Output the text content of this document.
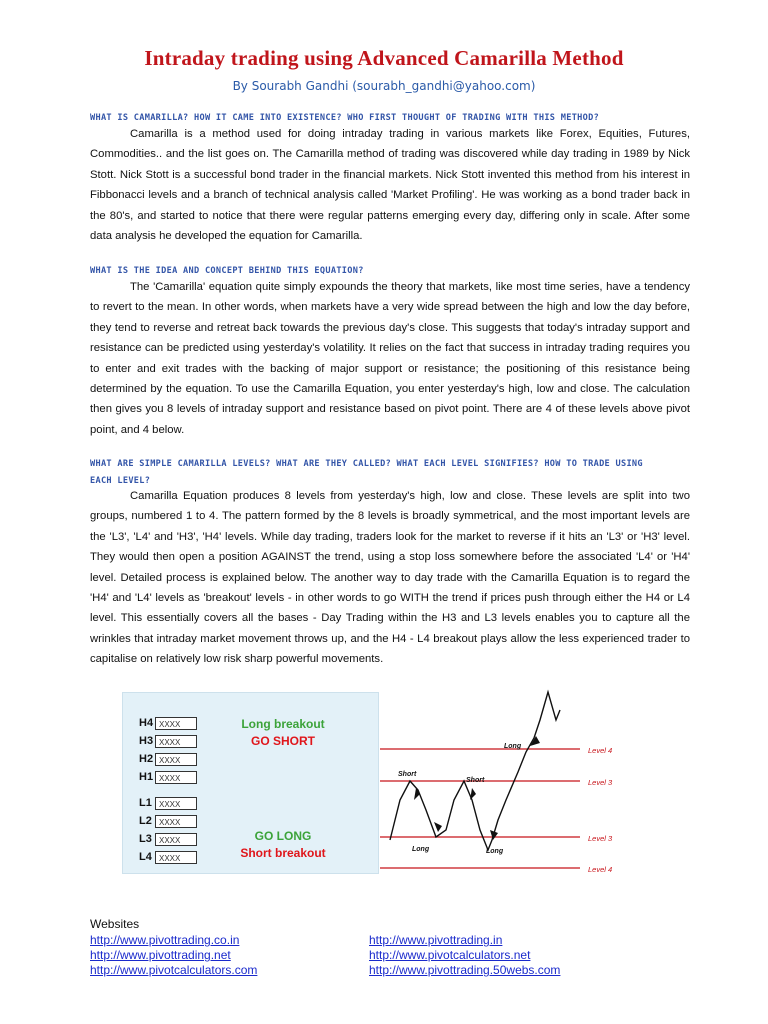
Intraday trading using Advanced Camarilla Method
By Sourabh Gandhi (sourabh_gandhi@yahoo.com)
WHAT IS CAMARILLA? HOW IT CAME INTO EXISTENCE? WHO FIRST THOUGHT OF TRADING WITH THIS METHOD?
Camarilla is a method used for doing intraday trading in various markets like Forex, Equities, Futures, Commodities.. and the list goes on. The Camarilla method of trading was discovered while day trading in 1989 by Nick Stott. Nick Stott is a successful bond trader in the financial markets. Nick Stott invented this method from his interest in Fibbonacci levels and a branch of technical analysis called 'Market Profiling'. He was working as a bond trader back in the 80's, and started to notice that there were regular patterns emerging every day, differing only in scale. After some data analysis he developed the equation for Camarilla.
WHAT IS THE IDEA AND CONCEPT BEHIND THIS EQUATION?
The 'Camarilla' equation quite simply expounds the theory that markets, like most time series, have a tendency to revert to the mean. In other words, when markets have a very wide spread between the high and low the day before, they tend to reverse and retreat back towards the previous day's close. This suggests that today's intraday support and resistance can be predicted using yesterday's volatility. It relies on the fact that success in intraday trading requires you to enter and exit trades with the backing of major support or resistance; the positioning of this resistance being determined by the equation. To use the Camarilla Equation, you enter yesterday's high, low and close. The calculation then gives you 8 levels of intraday support and resistance based on pivot point. There are 4 of these levels above pivot point, and 4 below.
WHAT ARE SIMPLE CAMARILLA LEVELS? WHAT ARE THEY CALLED? WHAT EACH LEVEL SIGNIFIES? HOW TO TRADE USING EACH LEVEL?
Camarilla Equation produces 8 levels from yesterday's high, low and close. These levels are split into two groups, numbered 1 to 4. The pattern formed by the 8 levels is broadly symmetrical, and the most important levels are the 'L3', 'L4' and 'H3', 'H4' levels. While day trading, traders look for the market to reverse if it hits an 'L3' or 'H3' level. They would then open a position AGAINST the trend, using a stop loss somewhere before the associated 'L4' or 'H4' level. Detailed process is explained below. The another way to day trade with the Camarilla Equation is to regard the 'H4' and 'L4' levels as 'breakout' levels - in other words to go WITH the trend if prices push through either the H4 or L4 level. This essentially covers all the bases - Day Trading within the H3 and L3 levels enables you to capture all the wrinkles that intraday market movement throws up, and the H4 - L4 breakout plays allow the less experienced trader to capitalise on relatively low risk sharp powerful movements.
H4 XXXX
H3 XXXX
H2 XXXX
H1 XXXX
L1 XXXX
L2 XXXX
L3 XXXX
L4 XXXX
Long breakout
GO SHORT
GO LONG
Short breakout
Level 4
Level 3
Level 3
Level 4
Long
Short
Short
Long	Long
Websites
http://www.pivottrading.co.in
http://www.pivottrading.net
http://www.pivotcalculators.com
http://www.pivottrading.in
http://www.pivotcalculators.net
http://www.pivottrading.50webs.com
